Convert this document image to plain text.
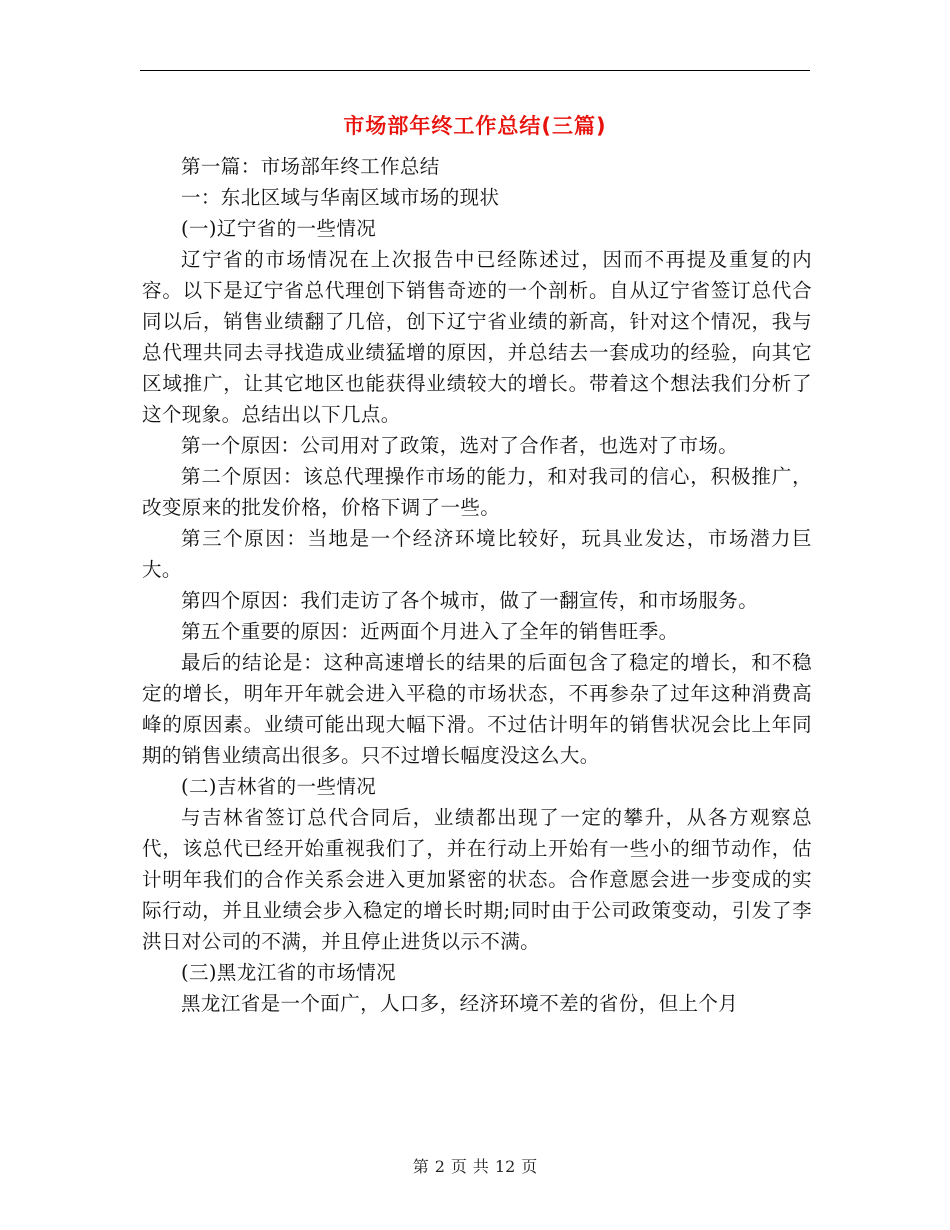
市场部年终工作总结(三篇)

第一篇：市场部年终工作总结

一：东北区域与华南区域市场的现状

(一)辽宁省的一些情况

辽宁省的市场情况在上次报告中已经陈述过，因而不再提及重复的内容。以下是辽宁省总代理创下销售奇迹的一个剖析。自从辽宁省签订总代合同以后，销售业绩翻了几倍，创下辽宁省业绩的新高，针对这个情况，我与总代理共同去寻找造成业绩猛增的原因，并总结去一套成功的经验，向其它区域推广，让其它地区也能获得业绩较大的增长。带着这个想法我们分析了这个现象。总结出以下几点。

第一个原因：公司用对了政策，选对了合作者，也选对了市场。

第二个原因：该总代理操作市场的能力，和对我司的信心，积极推广，改变原来的批发价格，价格下调了一些。

第三个原因：当地是一个经济环境比较好，玩具业发达，市场潜力巨大。

第四个原因：我们走访了各个城市，做了一翻宣传，和市场服务。

第五个重要的原因：近两面个月进入了全年的销售旺季。

最后的结论是：这种高速增长的结果的后面包含了稳定的增长，和不稳定的增长，明年开年就会进入平稳的市场状态，不再参杂了过年这种消费高峰的原因素。业绩可能出现大幅下滑。不过估计明年的销售状况会比上年同期的销售业绩高出很多。只不过增长幅度没这么大。

(二)吉林省的一些情况

与吉林省签订总代合同后，业绩都出现了一定的攀升，从各方观察总代，该总代已经开始重视我们了，并在行动上开始有一些小的细节动作，估计明年我们的合作关系会进入更加紧密的状态。合作意愿会进一步变成的实际行动，并且业绩会步入稳定的增长时期;同时由于公司政策变动，引发了李洪日对公司的不满，并且停止进货以示不满。

(三)黑龙江省的市场情况

黑龙江省是一个面广，人口多，经济环境不差的省份，但上个月

第 2 页 共 12 页
